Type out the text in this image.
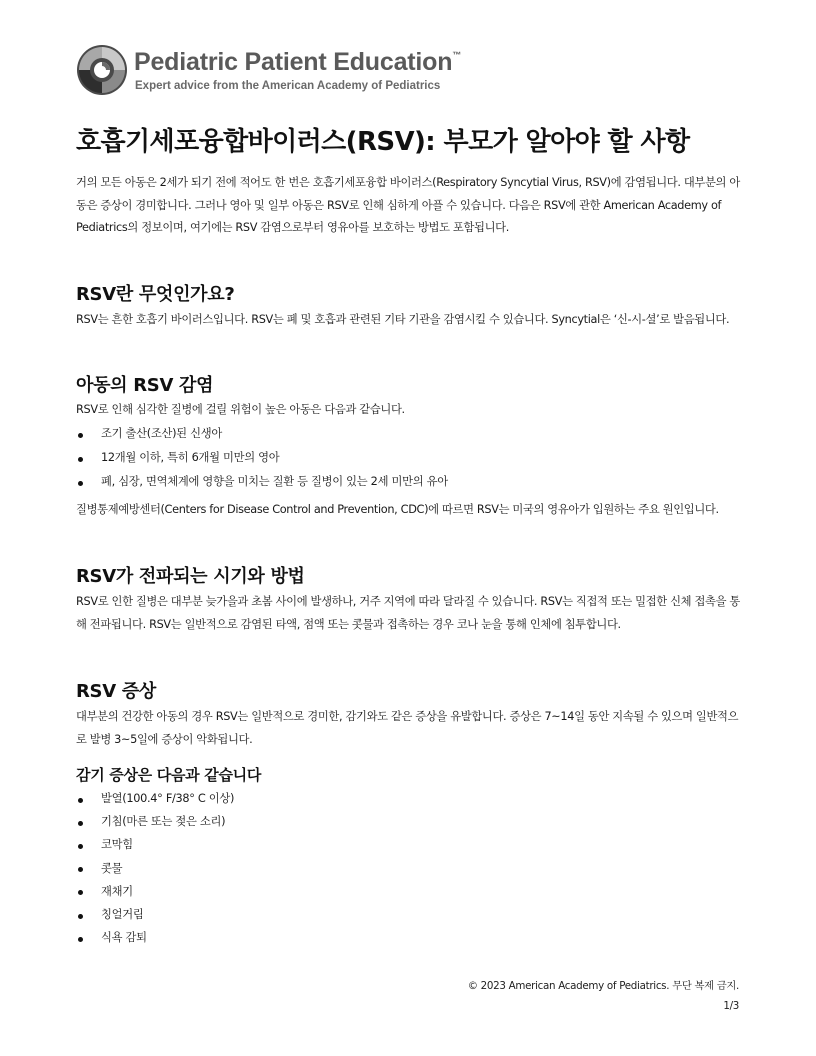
Pediatric Patient Education™
Expert advice from the American Academy of Pediatrics
호흡기세포융합바이러스(RSV): 부모가 알아야 할 사항

거의 모든 아동은 2세가 되기 전에 적어도 한 번은 호흡기세포융합 바이러스(Respiratory Syncytial Virus, RSV)에 감염됩니다. 대부분의 아동은 증상이 경미합니다. 그러나 영아 및 일부 아동은 RSV로 인해 심하게 아플 수 있습니다. 다음은 RSV에 관한 American Academy of Pediatrics의 정보이며, 여기에는 RSV 감염으로부터 영유아를 보호하는 방법도 포함됩니다.

RSV란 무엇인가요?

RSV는 흔한 호흡기 바이러스입니다. RSV는 폐 및 호흡과 관련된 기타 기관을 감염시킬 수 있습니다. Syncytial은 ‘신-시-셜’로 발음됩니다.

아동의 RSV 감염

RSV로 인해 심각한 질병에 걸릴 위험이 높은 아동은 다음과 같습니다.

조기 출산(조산)된 신생아
12개월 이하, 특히 6개월 미만의 영아
폐, 심장, 면역체계에 영향을 미치는 질환 등 질병이 있는 2세 미만의 유아

질병통제예방센터(Centers for Disease Control and Prevention, CDC)에 따르면 RSV는 미국의 영유아가 입원하는 주요 원인입니다.

RSV가 전파되는 시기와 방법

RSV로 인한 질병은 대부분 늦가을과 초봄 사이에 발생하나, 거주 지역에 따라 달라질 수 있습니다. RSV는 직접적 또는 밀접한 신체 접촉을 통해 전파됩니다. RSV는 일반적으로 감염된 타액, 점액 또는 콧물과 접촉하는 경우 코나 눈을 통해 인체에 침투합니다.

RSV 증상

대부분의 건강한 아동의 경우 RSV는 일반적으로 경미한, 감기와도 같은 증상을 유발합니다. 증상은 7~14일 동안 지속될 수 있으며 일반적으로 발병 3~5일에 증상이 악화됩니다.

감기 증상은 다음과 같습니다
발열(100.4° F/38° C 이상)
기침(마른 또는 젖은 소리)
코막힘
콧물
재채기
칭얼거림
식욕 감퇴
© 2023 American Academy of Pediatrics. 무단 복제 금지.
1/3
